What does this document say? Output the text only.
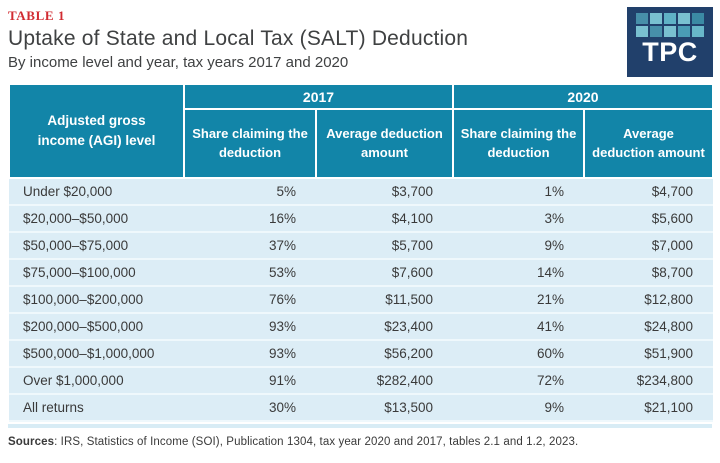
TABLE 1
Uptake of State and Local Tax (SALT) Deduction
By income level and year, tax years 2017 and 2020	TPC
Adjusted gross income (AGI) level	2017		2020	
	Share claiming the deduction	Average deduction amount	Share claiming the deduction	Average deduction amount
Under $20,000	5%	$3,700	1%	$4,700
$20,000–$50,000	16%	$4,100	3%	$5,600
$50,000–$75,000	37%	$5,700	9%	$7,000
$75,000–$100,000	53%	$7,600	14%	$8,700
$100,000–$200,000	76%	$11,500	21%	$12,800
$200,000–$500,000	93%	$23,400	41%	$24,800
$500,000–$1,000,000	93%	$56,200	60%	$51,900
Over $1,000,000	91%	$282,400	72%	$234,800
All returns	30%	$13,500	9%	$21,100

Sources: IRS, Statistics of Income (SOI), Publication 1304, tax year 2020 and 2017, tables 2.1 and 1.2, 2023.
